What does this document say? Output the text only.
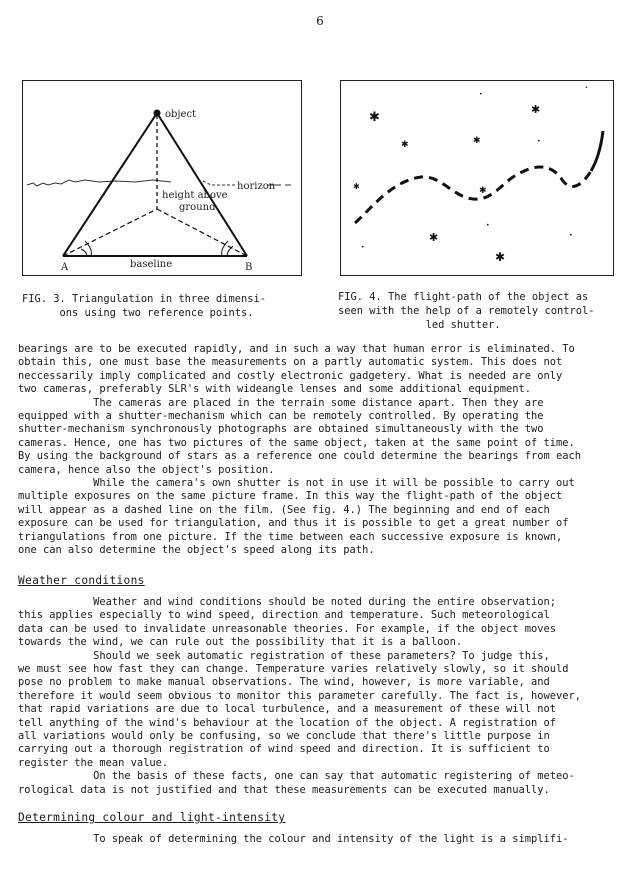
6
object
horizon
height above
ground
baseline
A	B
✱
✱
✱
✱
•
✱	✱
•
✱
✱
•
•
•
•
FIG. 3. Triangulation in three dimensi-
ons using two reference points.
FIG. 4. The flight-path of the object as
seen with the help of a remotely control-
led shutter.
bearings are to be executed rapidly, and in such a way that human error is eliminated. To
obtain this, one must base the measurements on a partly automatic system. This does not
neccessarily imply complicated and costly electronic gadgetery. What is needed are only
two cameras, preferably SLR's with wideangle lenses and some additional equipment.
The cameras are placed in the terrain some distance apart. Then they are
equipped with a shutter-mechanism which can be remotely controlled. By operating the
shutter-mechanism synchronously photographs are obtained simultaneously with the two
cameras. Hence, one has two pictures of the same object, taken at the same point of time.
By using the background of stars as a reference one could determine the bearings from each
camera, hence also the object's position.
While the camera's own shutter is not in use it will be possible to carry out
multiple exposures on the same picture frame. In this way the flight-path of the object
will appear as a dashed line on the film. (See fig. 4.) The beginning and end of each
exposure can be used for triangulation, and thus it is possible to get a great number of
triangulations from one picture. If the time between each successive exposure is known,
one can also determine the object's speed along its path.
Weather conditions
Weather and wind conditions should be noted during the entire observation;
this applies especially to wind speed, direction and temperature. Such meteorological
data can be used to invalidate unreasonable theories. For example, if the object moves
towards the wind, we can rule out the possibility that it is a balloon.
Should we seek automatic registration of these parameters? To judge this,
we must see how fast they can change. Temperature varies relatively slowly, so it should
pose no problem to make manual observations. The wind, however, is more variable, and
therefore it would seem obvious to monitor this parameter carefully. The fact is, however,
that rapid variations are due to local turbulence, and a measurement of these will not
tell anything of the wind's behaviour at the location of the object. A registration of
all variations would only be confusing, so we conclude that there's little purpose in
carrying out a thorough registration of wind speed and direction. It is sufficient to
register the mean value.
On the basis of these facts, one can say that automatic registering of meteo-
rological data is not justified and that these measurements can be executed manually.
Determining colour and light-intensity
To speak of determining the colour and intensity of the light is a simplifi-
